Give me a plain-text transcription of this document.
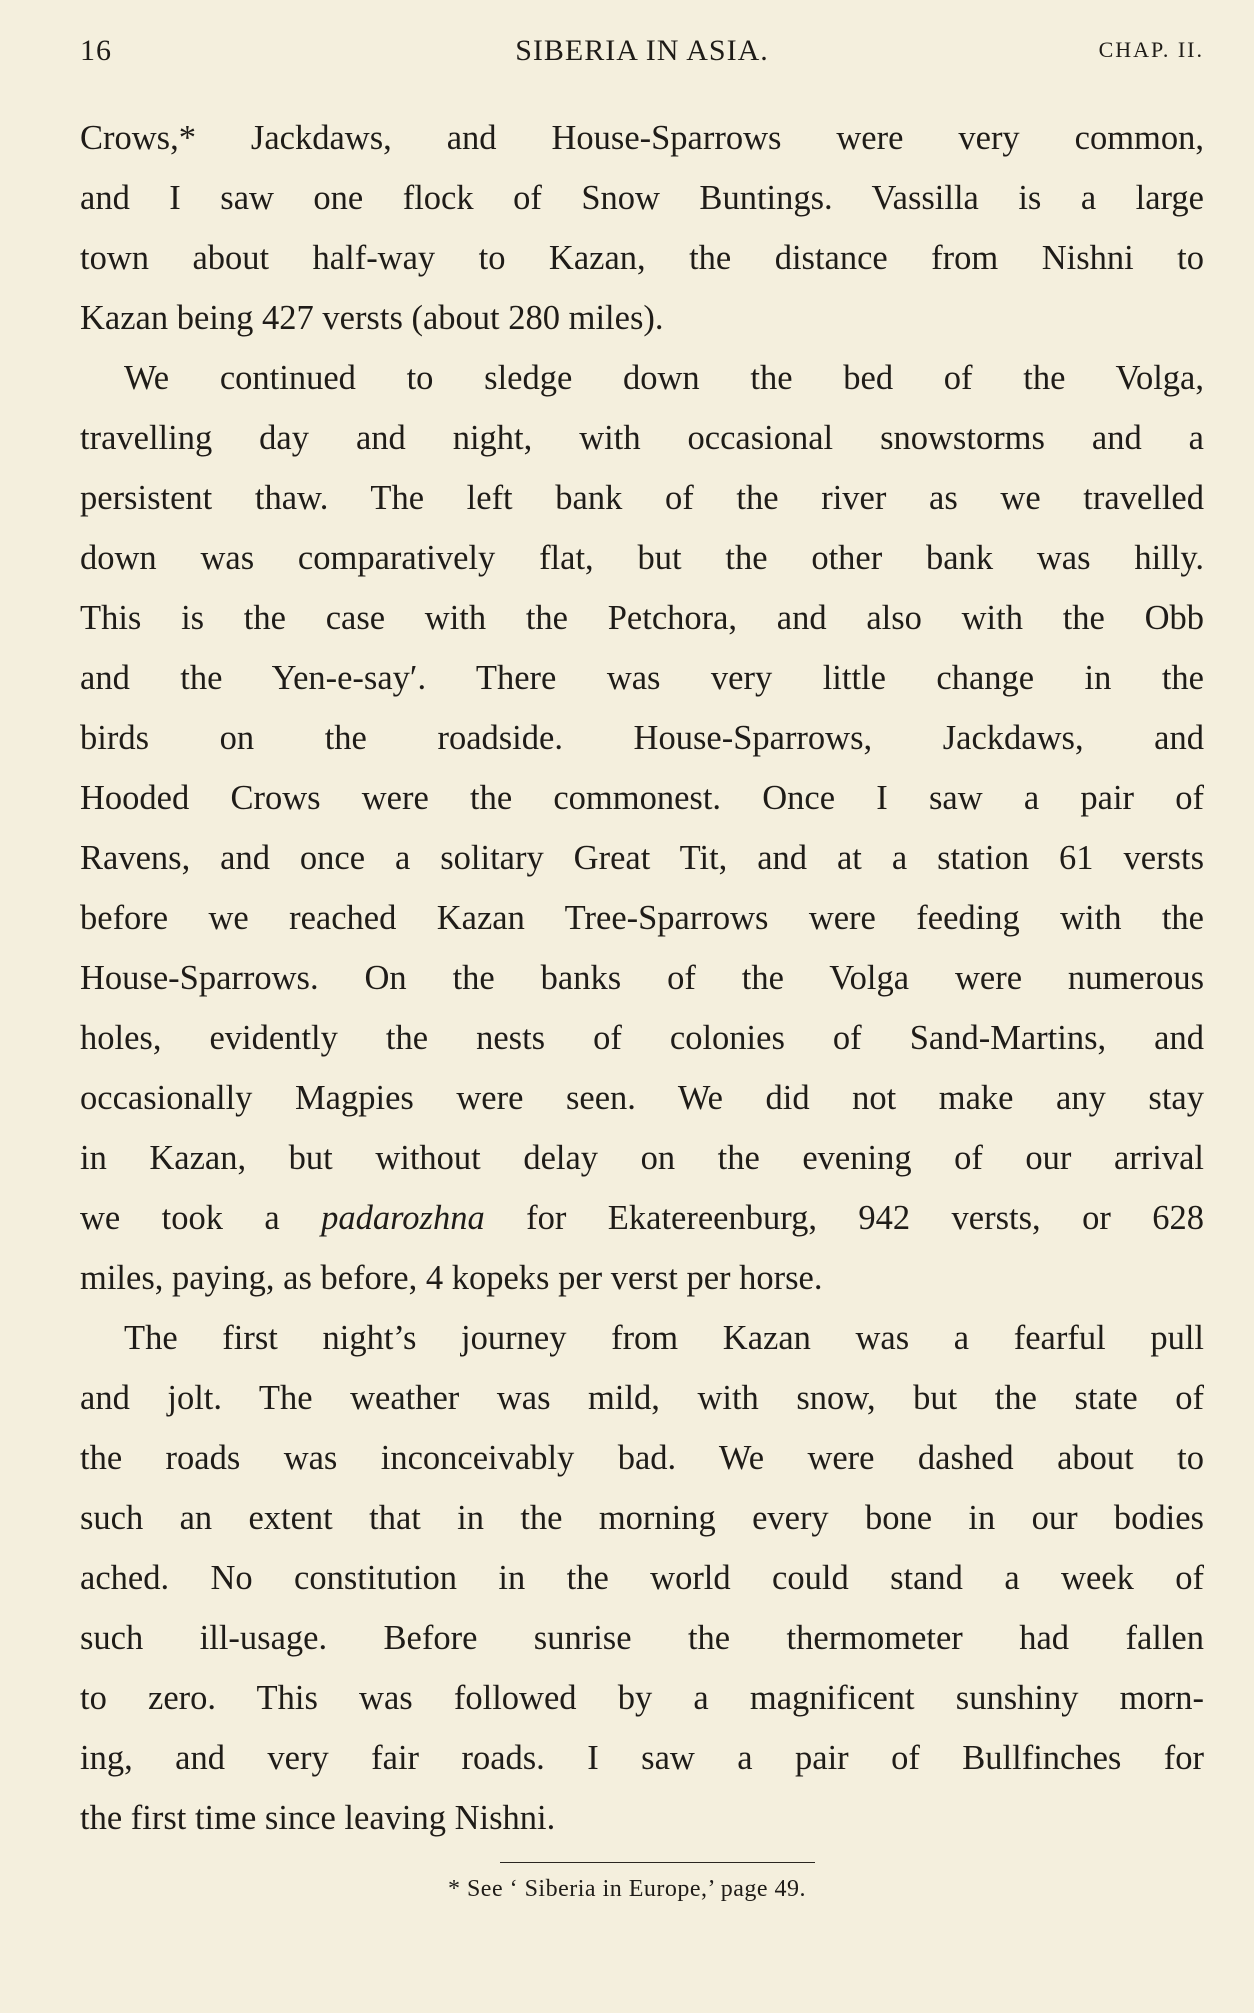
16	SIBERIA IN ASIA.	CHAP. II.
Crows,* Jackdaws, and House-Sparrows were very common,
and I saw one flock of Snow Buntings. Vassilla is a large
town about half-way to Kazan, the distance from Nishni to
Kazan being 427 versts (about 280 miles).
We continued to sledge down the bed of the Volga,
travelling day and night, with occasional snowstorms and a
persistent thaw. The left bank of the river as we travelled
down was comparatively flat, but the other bank was hilly.
This is the case with the Petchora, and also with the Obb
and the Yen-e-say′. There was very little change in the
birds on the roadside. House-Sparrows, Jackdaws, and
Hooded Crows were the commonest. Once I saw a pair of
Ravens, and once a solitary Great Tit, and at a station 61 versts
before we reached Kazan Tree-Sparrows were feeding with the
House-Sparrows. On the banks of the Volga were numerous
holes, evidently the nests of colonies of Sand-Martins, and
occasionally Magpies were seen. We did not make any stay
in Kazan, but without delay on the evening of our arrival
we took a padarozhna for Ekatereenburg, 942 versts, or 628
miles, paying, as before, 4 kopeks per verst per horse.
The first night’s journey from Kazan was a fearful pull
and jolt. The weather was mild, with snow, but the state of
the roads was inconceivably bad. We were dashed about to
such an extent that in the morning every bone in our bodies
ached. No constitution in the world could stand a week of
such ill-usage. Before sunrise the thermometer had fallen
to zero. This was followed by a magnificent sunshiny morn-
ing, and very fair roads. I saw a pair of Bullfinches for
the first time since leaving Nishni.
* See ‘ Siberia in Europe,’ page 49.
